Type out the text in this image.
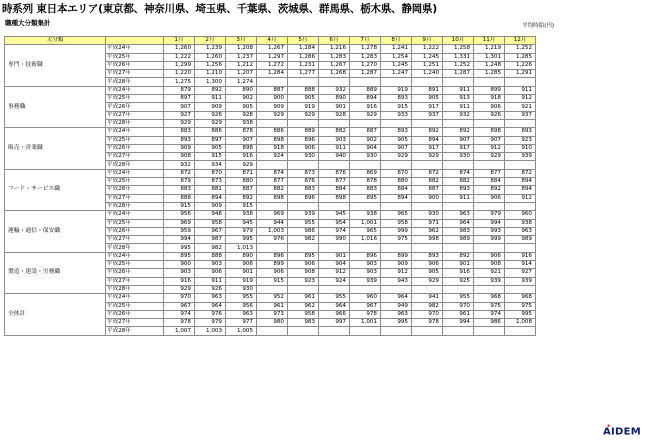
時系列 東日本エリア(東京都、神奈川県、埼玉県、千葉県、茨城県、群馬県、栃木県、静岡県)
職種大分類集計	平均時給(円)
大分類		1月	2月	3月	4月	5月	6月	7月	8月	9月	10月	11月	12月
専門・技術職	平成24年	1,260	1,239	1,208	1,267	1,284	1,216	1,278	1,241	1,222	1,258	1,219	1,252
	平成25年	1,222	1,260	1,237	1,297	1,286	1,283	1,283	1,254	1,245	1,331	1,301	1,285
	平成26年	1,299	1,256	1,212	1,272	1,231	1,267	1,270	1,245	1,251	1,252	1,248	1,226
	平成27年	1,220	1,210	1,207	1,284	1,277	1,268	1,287	1,247	1,240	1,287	1,285	1,291
	平成28年	1,275	1,300	1,274									
事務職	平成24年	879	892	890	887	888	932	889	919	891	911	899	911
	平成25年	897	911	902	900	905	890	894	893	905	913	918	912
	平成26年	907	909	905	909	919	901	916	915	917	911	906	921
	平成27年	927	926	928	929	929	928	929	933	937	932	926	937
	平成28年	929	929	938									
販売・営業職	平成24年	883	886	878	886	889	882	887	893	892	892	898	893
	平成25年	893	897	907	898	896	903	902	905	894	907	907	923
	平成26年	909	905	898	918	906	911	904	907	917	917	912	910
	平成27年	908	915	916	924	930	940	930	929	929	930	929	939
	平成28年	932	934	929									
フード・サービス職	平成24年	872	870	871	874	873	876	869	870	872	874	877	872
	平成25年	879	873	880	877	876	877	878	880	882	882	884	894
	平成26年	883	881	887	882	883	884	883	884	887	893	892	894
	平成27年	888	894	892	898	896	898	895	894	900	911	906	912
	平成28年	915	909	915									
運輸・通信・保安職	平成24年	956	948	938	969	939	945	938	965	930	963	979	960
	平成25年	969	958	945	944	955	954	1,001	958	971	964	994	938
	平成26年	959	967	979	1,003	986	974	965	999	962	983	993	963
	平成27年	994	987	995	976	982	990	1,016	975	998	989	999	989
	平成28年	995	982	1,013									
製造・建設・労務職	平成24年	895	888	890	896	895	901	896	899	893	892	906	916
	平成25年	900	903	906	899	906	904	903	909	906	901	908	914
	平成26年	903	906	901	906	908	912	903	912	905	916	921	927
	平成27年	916	911	919	915	923	924	939	943	929	925	939	939
	平成28年	929	926	930									
全体計	平成24年	970	963	955	952	961	955	960	964	941	955	968	968
	平成25年	967	964	956	961	962	964	967	949	982	970	975	975
	平成26年	974	976	963	973	958	966	978	963	970	961	974	995
	平成27年	978	979	977	980	983	997	1,001	995	978	994	986	1,008
	平成28年	1,007	1,003	1,005									
AIDEM
